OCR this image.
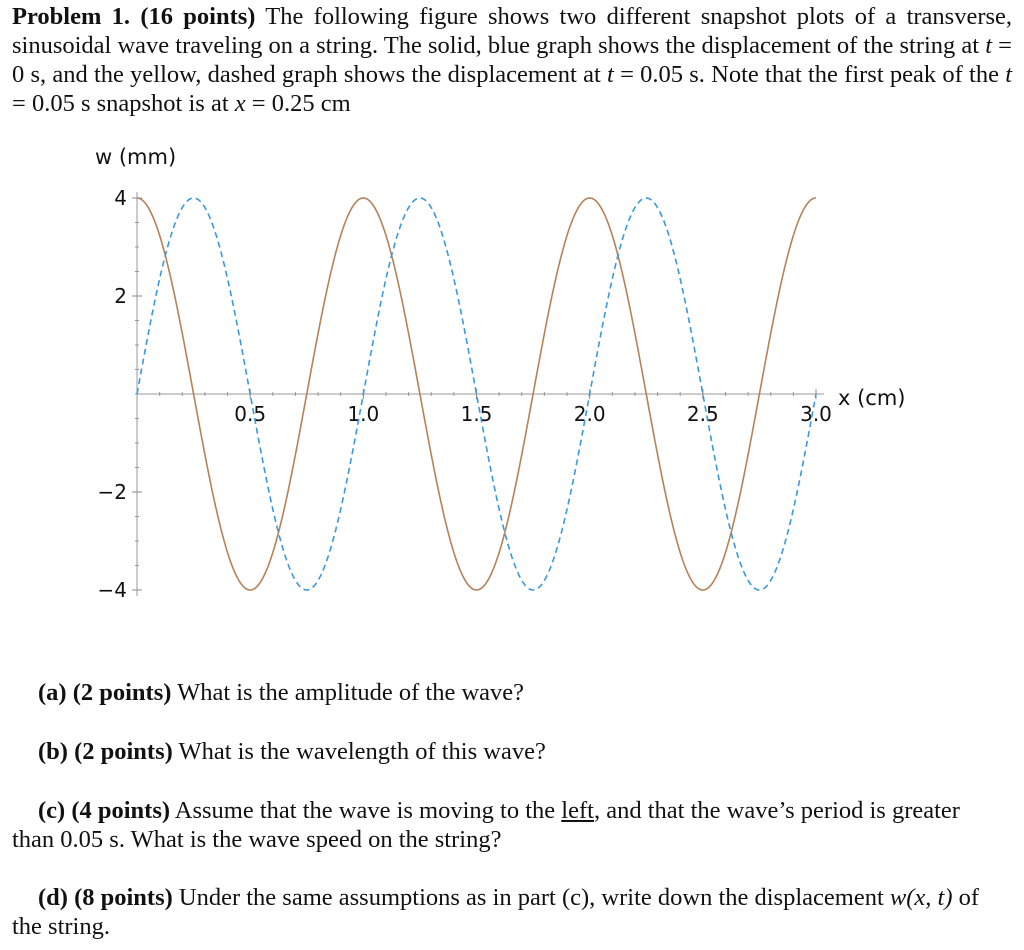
Problem 1. (16 points) The following figure shows two different snapshot plots of a transverse, sinusoidal wave traveling on a string. The solid, blue graph shows the displacement of the string at t = 0 s, and the yellow, dashed graph shows the displacement at t = 0.05 s. Note that the first peak of the t = 0.05 s snapshot is at x = 0.25 cm

0.5	1.0	1.5	2.0	2.5	3.0
4
2
−2
−4
w (mm)
x (cm)

(a) (2 points) What is the amplitude of the wave?

(b) (2 points) What is the wavelength of this wave?

(c) (4 points) Assume that the wave is moving to the left, and that the wave’s period is greater than 0.05 s. What is the wave speed on the string?

(d) (8 points) Under the same assumptions as in part (c), write down the displacement w(x, t) of the string.
